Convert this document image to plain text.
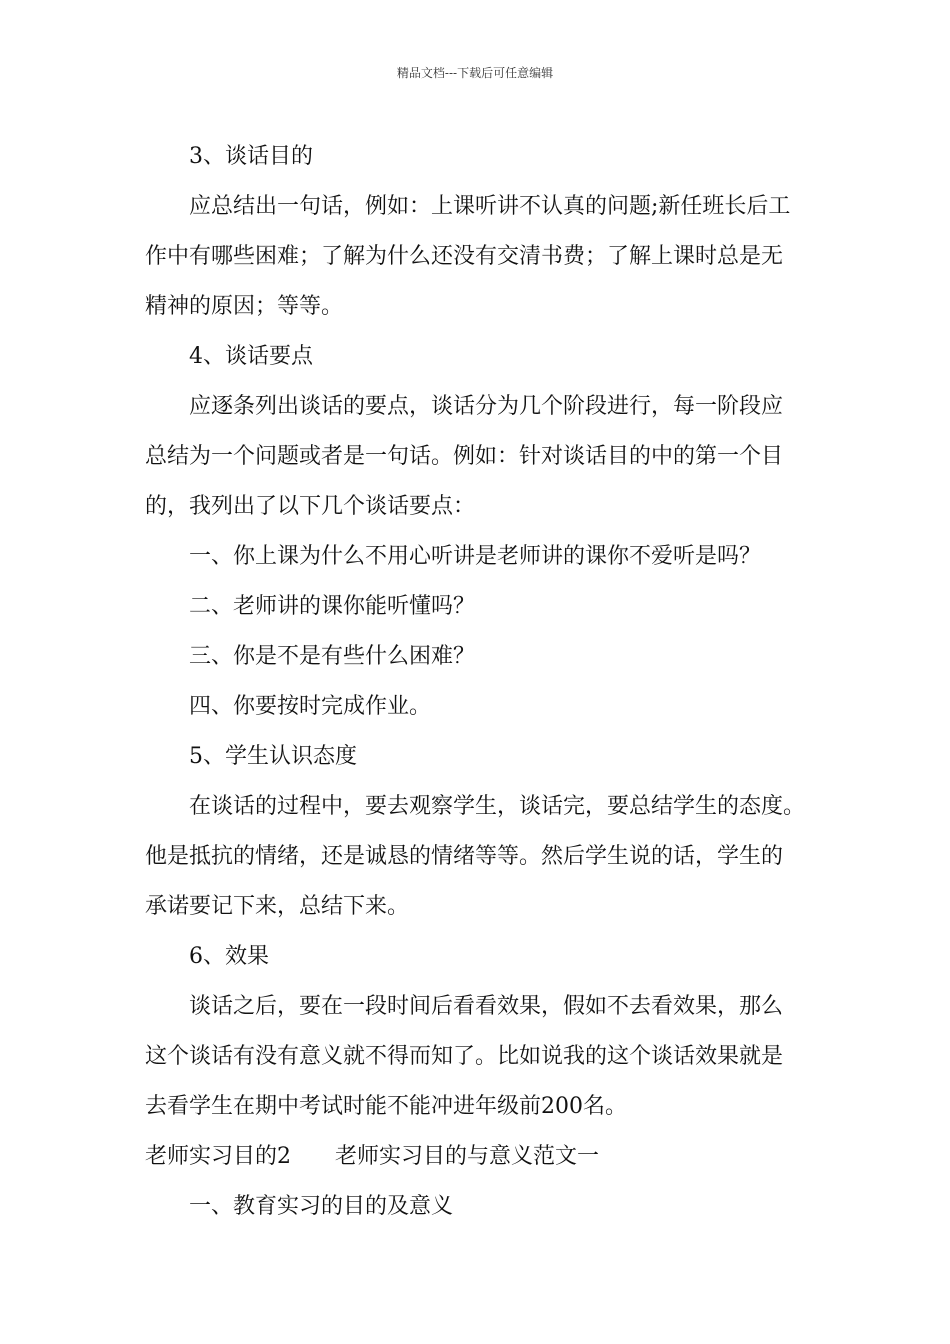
精品文档---下载后可任意编辑
3、谈话目的
应总结出一句话，例如：上课听讲不认真的问题;新任班长后工
作中有哪些困难；了解为什么还没有交清书费；了解上课时总是无
精神的原因；等等。
4、谈话要点
应逐条列出谈话的要点，谈话分为几个阶段进行，每一阶段应
总结为一个问题或者是一句话。例如：针对谈话目的中的第一个目
的，我列出了以下几个谈话要点：
一、你上课为什么不用心听讲是老师讲的课你不爱听是吗？
二、老师讲的课你能听懂吗？
三、你是不是有些什么困难？
四、你要按时完成作业。
5、学生认识态度
在谈话的过程中，要去观察学生，谈话完，要总结学生的态度。
他是抵抗的情绪，还是诚恳的情绪等等。然后学生说的话，学生的
承诺要记下来，总结下来。
6、效果
谈话之后，要在一段时间后看看效果，假如不去看效果，那么
这个谈话有没有意义就不得而知了。比如说我的这个谈话效果就是
去看学生在期中考试时能不能冲进年级前200名。
老师实习目的2 老师实习目的与意义范文一
一、教育实习的目的及意义
